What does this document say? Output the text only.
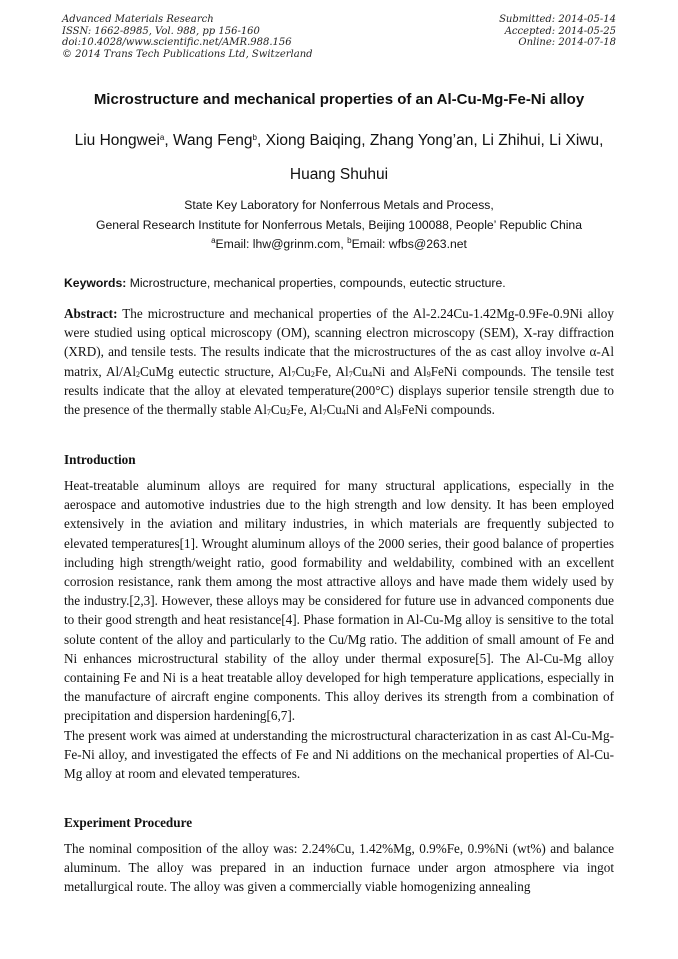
Advanced Materials Research
ISSN: 1662-8985, Vol. 988, pp 156-160
doi:10.4028/www.scientific.net/AMR.988.156
© 2014 Trans Tech Publications Ltd, Switzerland
Submitted: 2014-05-14
Accepted: 2014-05-25
Online: 2014-07-18
Microstructure and mechanical properties of an Al-Cu-Mg-Fe-Ni alloy
Liu Hongwei$^a$, Wang Feng$^b$, Xiong Baiqing, Zhang Yong’an, Li Zhihui, Li Xiwu,
Huang Shuhui
State Key Laboratory for Nonferrous Metals and Process,
General Research Institute for Nonferrous Metals, Beijing 100088, People’ Republic China
$^a$Email: lhw@grinm.com, $^b$Email: wfbs@263.net
Keywords: Microstructure, mechanical properties, compounds, eutectic structure.
Abstract: The microstructure and mechanical properties of the Al-2.24Cu-1.42Mg-0.9Fe-0.9Ni alloy were studied using optical microscopy (OM), scanning electron microscopy (SEM), X-ray diffraction (XRD), and tensile tests. The results indicate that the microstructures of the as cast alloy involve α-Al matrix, $Al/Al_2CuMg$ eutectic structure, $Al_7Cu_2Fe$, $Al_7Cu_4Ni$ and $Al_9FeNi$ compounds. The tensile test results indicate that the alloy at elevated temperature(200°C) displays superior tensile strength due to the presence of the thermally stable $Al_7Cu_2Fe$, $Al_7Cu_4Ni$ and $Al_9FeNi$ compounds.
Introduction
Heat-treatable aluminum alloys are required for many structural applications, especially in the aerospace and automotive industries due to the high strength and low density. It has been employed extensively in the aviation and military industries, in which materials are frequently subjected to elevated temperatures[1]. Wrought aluminum alloys of the 2000 series, their good balance of properties including high strength/weight ratio, good formability and weldability, combined with an excellent corrosion resistance, rank them among the most attractive alloys and have made them widely used by the industry.[2,3]. However, these alloys may be considered for future use in advanced components due to their good strength and heat resistance[4]. Phase formation in Al-Cu-Mg alloy is sensitive to the total solute content of the alloy and particularly to the Cu/Mg ratio. The addition of small amount of Fe and Ni enhances microstructural stability of the alloy under thermal exposure[5]. The Al-Cu-Mg alloy containing Fe and Ni is a heat treatable alloy developed for high temperature applications, especially in the manufacture of aircraft engine components. This alloy derives its strength from a combination of precipitation and dispersion hardening[6,7].
The present work was aimed at understanding the microstructural characterization in as cast Al-Cu-Mg-Fe-Ni alloy, and investigated the effects of Fe and Ni additions on the mechanical properties of Al-Cu-Mg alloy at room and elevated temperatures.
Experiment Procedure
The nominal composition of the alloy was: 2.24%Cu, 1.42%Mg, 0.9%Fe, 0.9%Ni (wt%) and balance aluminum. The alloy was prepared in an induction furnace under argon atmosphere via ingot metallurgical route. The alloy was given a commercially viable homogenizing annealing
